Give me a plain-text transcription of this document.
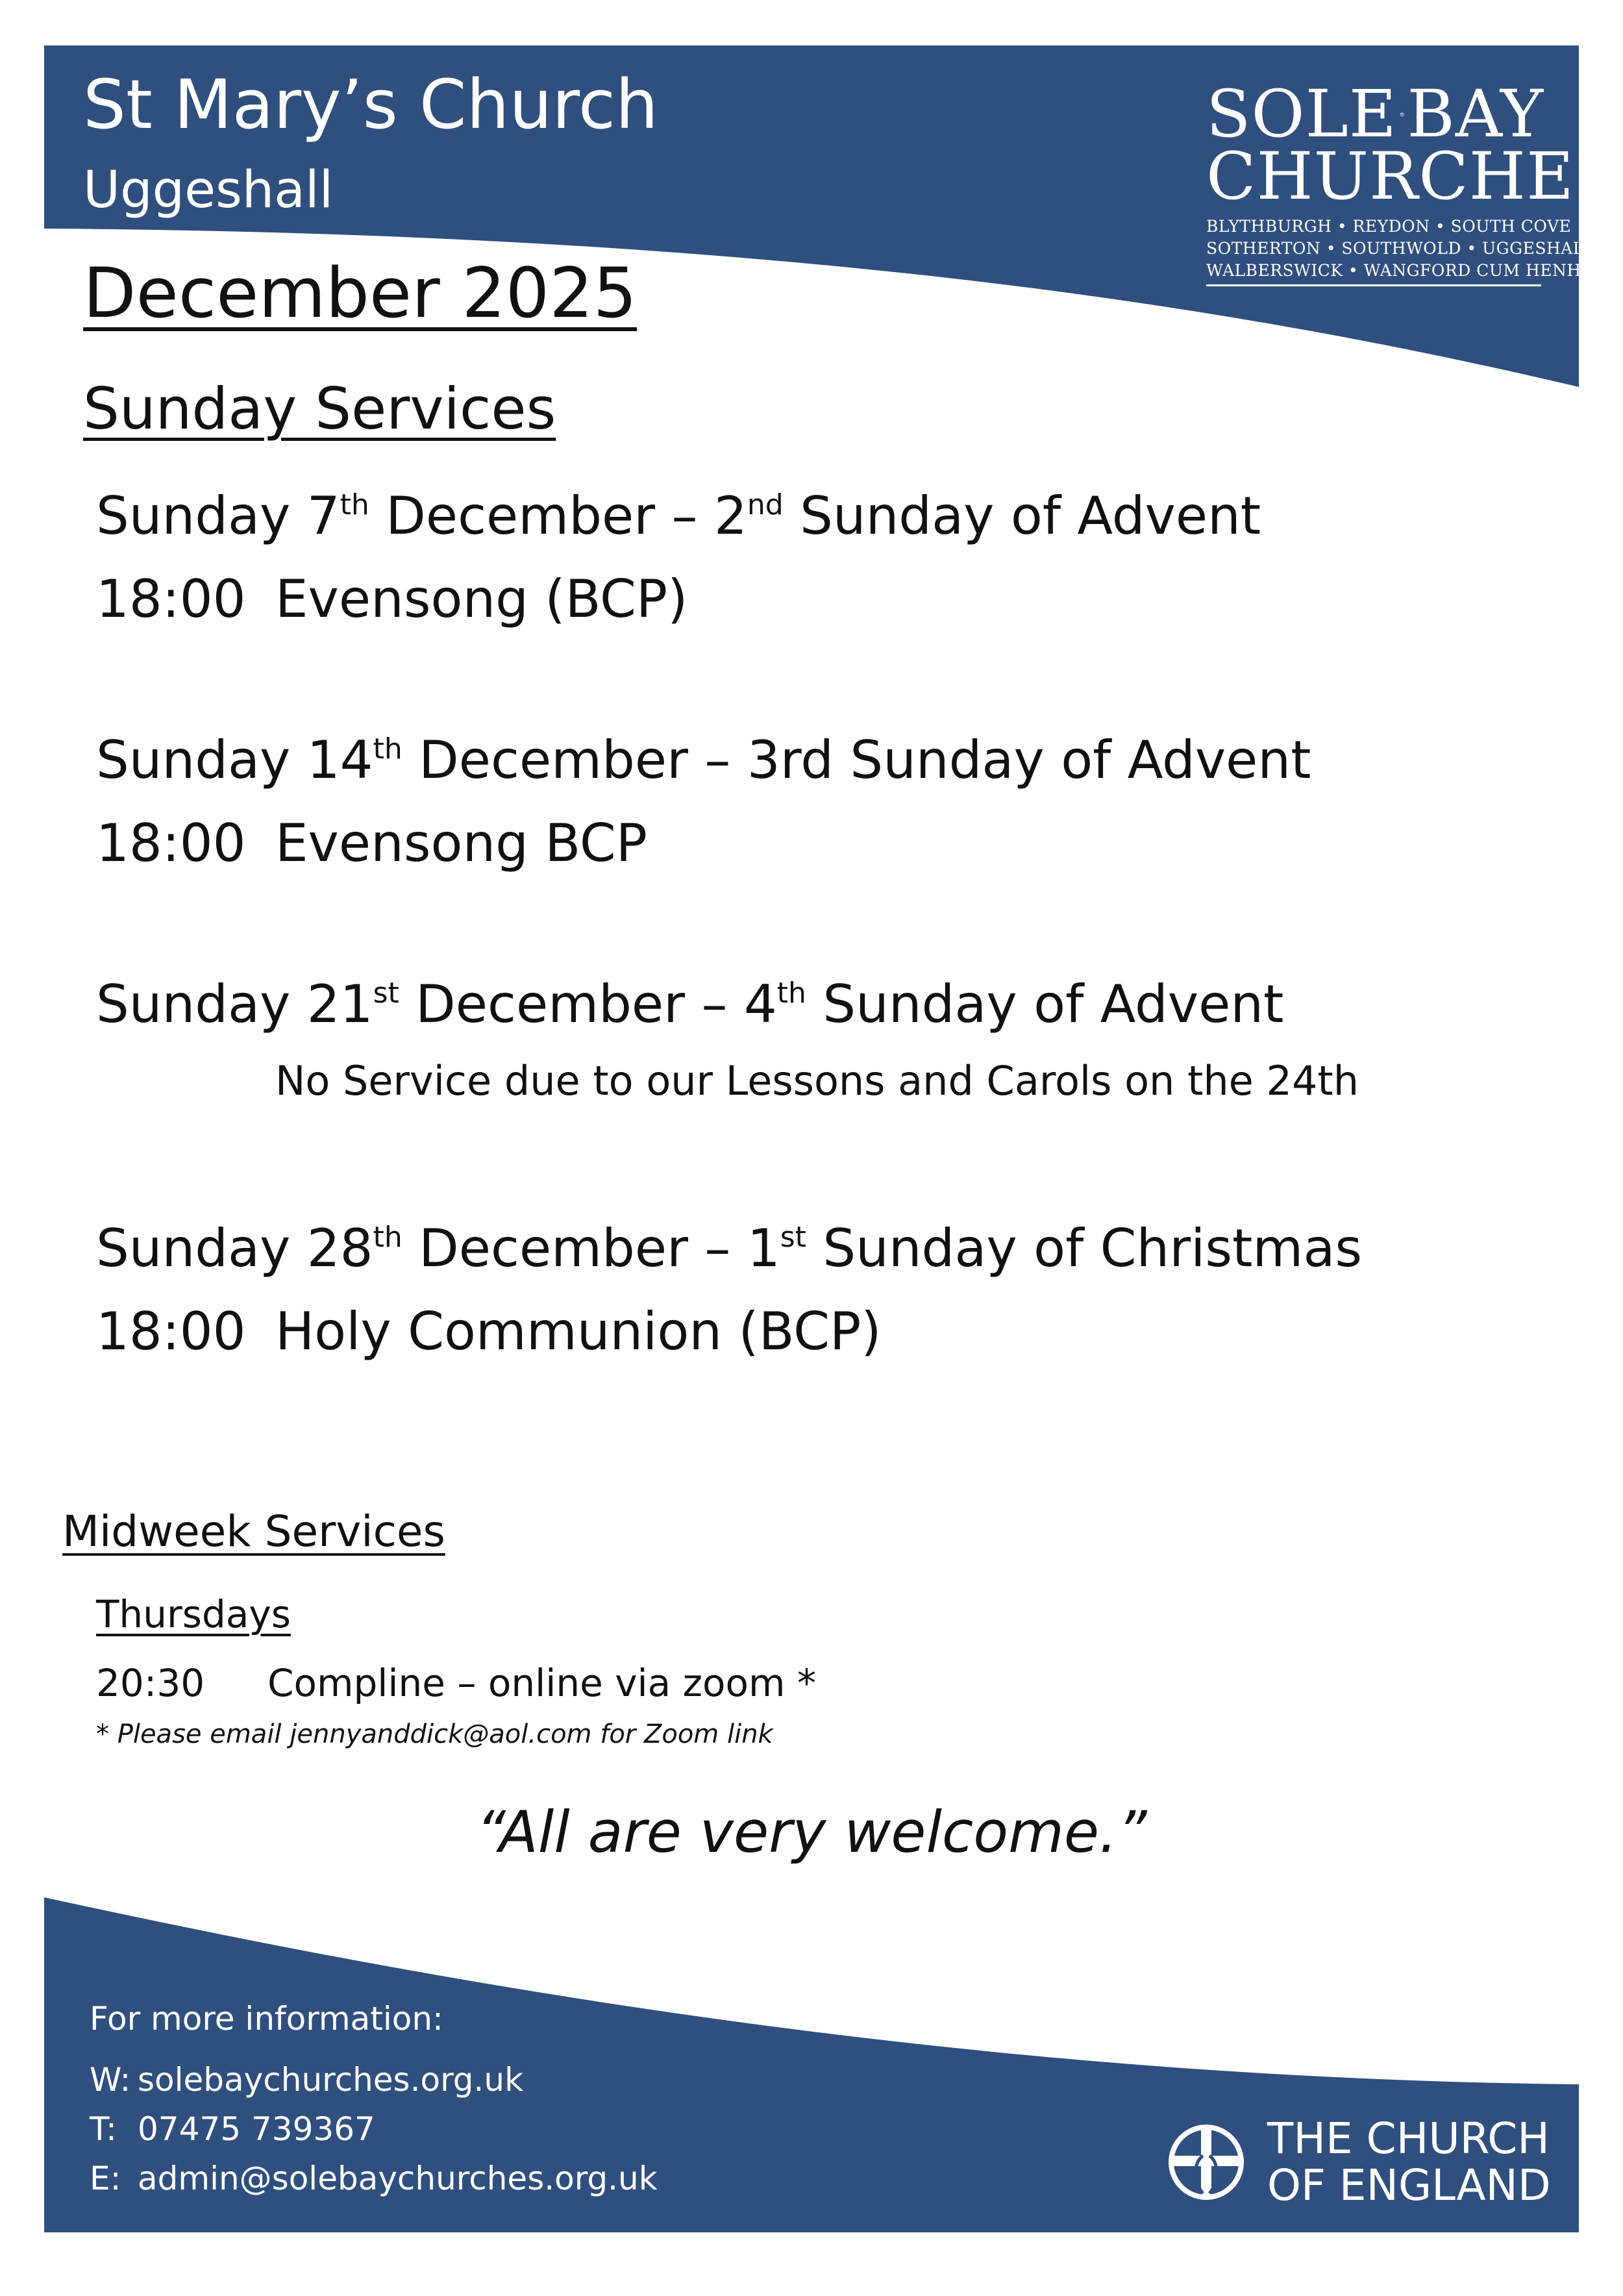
St Mary’s Church
Uggeshall
SOLE BAY
CHURCHES
BLYTHBURGH • REYDON • SOUTH COVE
SOTHERTON • SOUTHWOLD • UGGESHALL
WALBERSWICK • WANGFORD CUM HENHAM
December 2025
Sunday Services
Sunday 7th December – 2nd Sunday of Advent
18:00 Evensong (BCP)
Sunday 14th December – 3rd Sunday of Advent
18:00 Evensong BCP
Sunday 21st December – 4th Sunday of Advent
No Service due to our Lessons and Carols on the 24th
Sunday 28th December – 1st Sunday of Christmas
18:00 Holy Communion (BCP)
Midweek Services
Thursdays
20:30 Compline – online via zoom *
* Please email jennyanddick@aol.com for Zoom link
“All are very welcome.”
For more information:
W: solebaychurches.org.uk
T: 07475 739367
E: admin@solebaychurches.org.uk
THE CHURCH
OF ENGLAND
